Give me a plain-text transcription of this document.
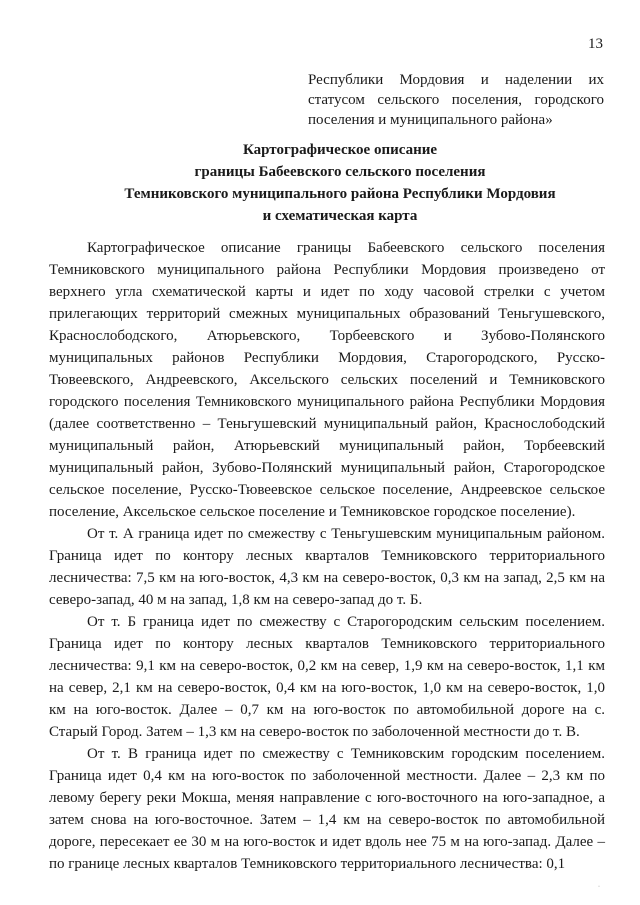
13
Республики Мордовия и наделении их статусом сельского поселения, городского поселения и муниципального района»
Картографическое описание
границы Бабеевского сельского поселения
Темниковского муниципального района Республики Мордовия
и схематическая карта

Картографическое описание границы Бабеевского сельского поселения Темниковского муниципального района Республики Мордовия произведено от верхнего угла схематической карты и идет по ходу часовой стрелки с учетом прилегающих территорий смежных муниципальных образований Теньгушевского, Краснослободского, Атюрьевского, Торбеевского и Зубово-Полянского муниципальных районов Республики Мордовия, Старогородского, Русско-Тювеевского, Андреевского, Аксельского сельских поселений и Темниковского городского поселения Темниковского муниципального района Республики Мордовия (далее соответственно – Теньгушевский муниципальный район, Краснослободский муниципальный район, Атюрьевский муниципальный район, Торбеевский муниципальный район, Зубово-Полянский муниципальный район, Старогородское сельское поселение, Русско-Тювеевское сельское поселение, Андреевское сельское поселение, Аксельское сельское поселение и Темниковское городское поселение).

От т. А граница идет по смежеству с Теньгушевским муниципальным районом. Граница идет по контору лесных кварталов Темниковского территориального лесничества: 7,5 км на юго-восток, 4,3 км на северо-восток, 0,3 км на запад, 2,5 км на северо-запад, 40 м на запад, 1,8 км на северо-запад до т. Б.

От т. Б граница идет по смежеству с Старогородским сельским поселением. Граница идет по контору лесных кварталов Темниковского территориального лесничества: 9,1 км на северо-восток, 0,2 км на север, 1,9 км на северо-восток, 1,1 км на север, 2,1 км на северо-восток, 0,4 км на юго-восток, 1,0 км на северо-восток, 1,0 км на юго-восток. Далее – 0,7 км на юго-восток по автомобильной дороге на с. Старый Город. Затем – 1,3 км на северо-восток по заболоченной местности до т. В.

От т. В граница идет по смежеству с Темниковским городским поселением. Граница идет 0,4 км на юго-восток по заболоченной местности. Далее – 2,3 км по левому берегу реки Мокша, меняя направление с юго-восточного на юго-западное, а затем снова на юго-восточное. Затем – 1,4 км на северо-восток по автомобильной дороге, пересекает ее 30 м на юго-восток и идет вдоль нее 75 м на юго-запад. Далее – по границе лесных кварталов Темниковского территориального лесничества: 0,1

·
